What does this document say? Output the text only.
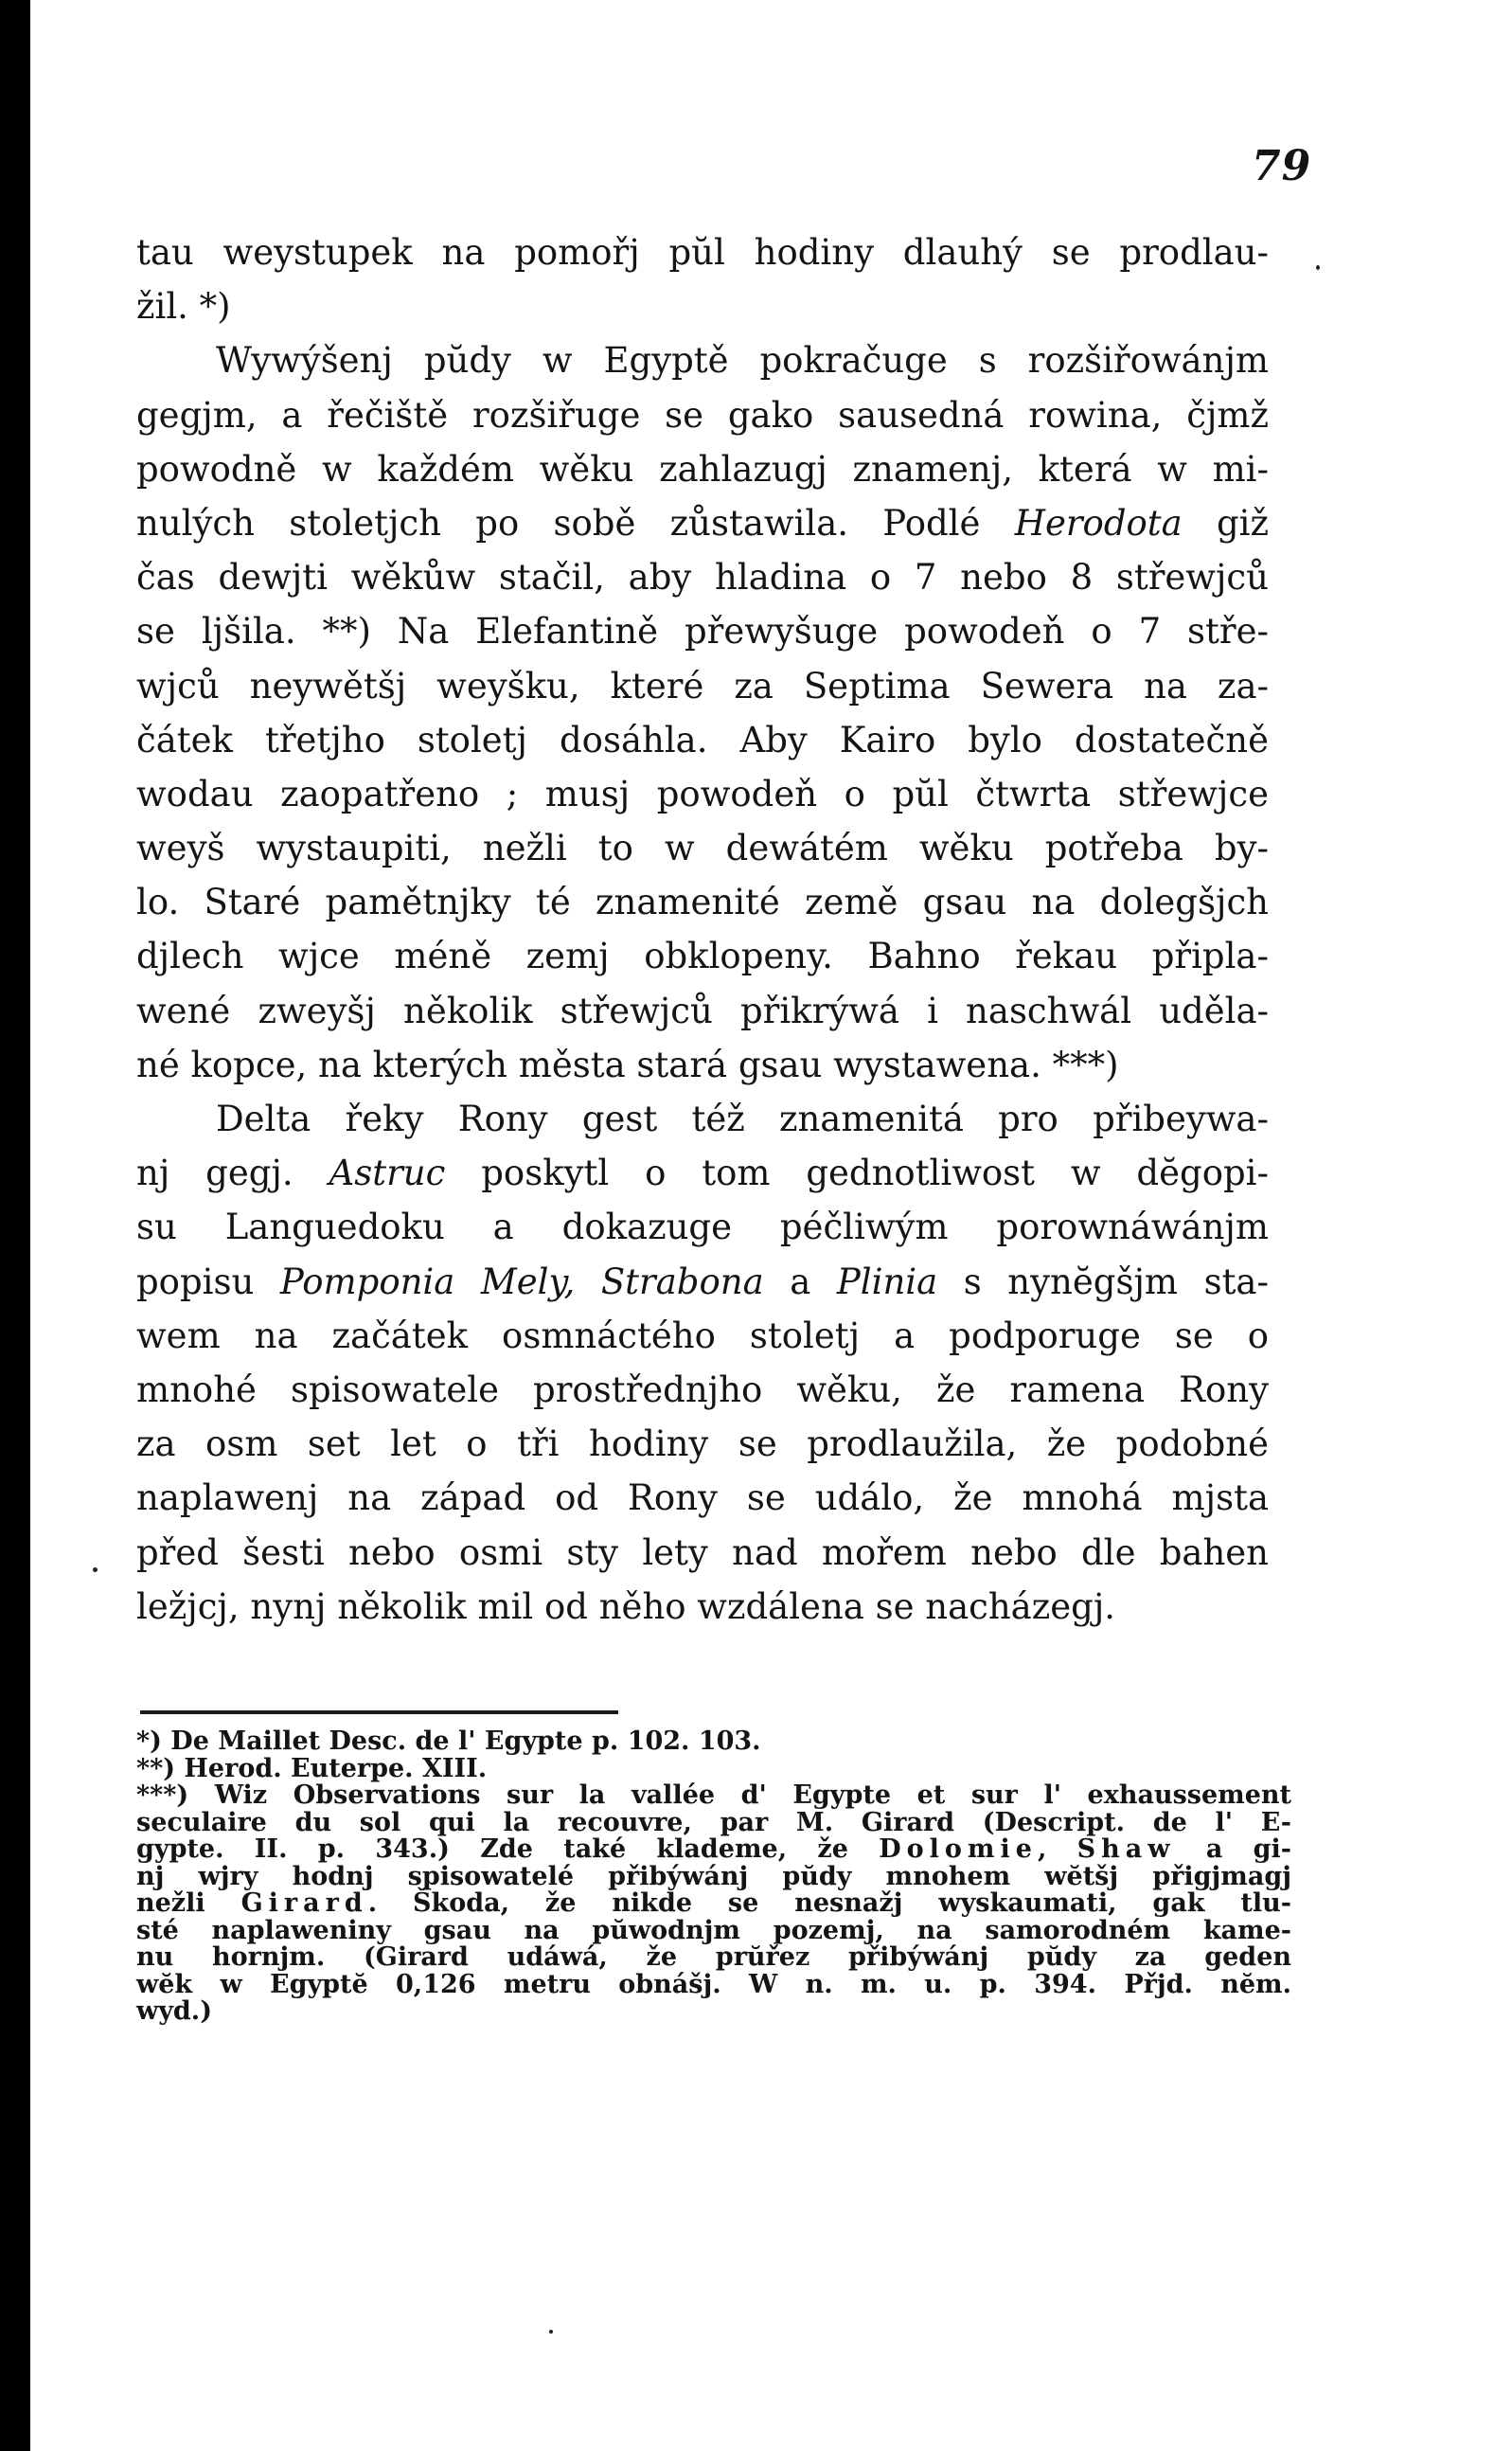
79
tau weystupek na pomořj pŭl hodiny dlauhý se prodlau-
žil. *)
Wywýšenj pŭdy w Egyptě pokračuge s rozšiřowánjm
gegjm, a řečiště rozšiřuge se gako sausedná rowina, čjmž
powodně w každém wěku zahlazugj znamenj, která w mi-
nulých stoletjch po sobě zůstawila. Podlé Herodota giž
čas dewjti wěkůw stačil, aby hladina o 7 nebo 8 střewjců
se ljšila. **) Na Elefantině přewyšuge powodeň o 7 stře-
wjců neywětšj weyšku, které za Septima Sewera na za-
čátek třetjho stoletj dosáhla. Aby Kairo bylo dostatečně
wodau zaopatřeno ; musj powodeň o pŭl čtwrta střewjce
weyš wystaupiti, nežli to w dewátém wěku potřeba by-
lo. Staré pamětnjky té znamenité země gsau na dolegšjch
djlech wjce méně zemj obklopeny. Bahno řekau připla-
wené zweyšj několik střewjců přikrýwá i naschwál uděla-
né kopce, na kterých města stará gsau wystawena. ***)
Delta řeky Rony gest též znamenitá pro přibeywa-
nj gegj. Astruc poskytl o tom gednotliwost w dĕgopi-
su Languedoku a dokazuge péčliwým porownáwánjm
popisu Pomponia Mely, Strabona a Plinia s nynĕgšjm sta-
wem na začátek osmnáctého stoletj a podporuge se o
mnohé spisowatele prostřednjho wěku, že ramena Rony
za osm set let o tři hodiny se prodlaužila, že podobné
naplawenj na západ od Rony se událo, že mnohá mjsta
před šesti nebo osmi sty lety nad mořem nebo dle bahen
ležjcj, nynj několik mil od něho wzdálena se nacházegj.
*) De Maillet Desc. de l' Egypte p. 102. 103.
**) Herod. Euterpe. XIII.
***) Wiz Observations sur la vallée d' Egypte et sur l' exhaussement
seculaire du sol qui la recouvre, par M. Girard (Descript. de l' E-
gypte. II. p. 343.) Zde také klademe, že Dolomie, Shaw a gi-
nj wjry hodnj spisowatelé přibýwánj pŭdy mnohem wĕtšj přigjmagj
nežli Girard. Škoda, že nikde se nesnažj wyskaumati, gak tlu-
sté naplaweniny gsau na pŭwodnjm pozemj, na samorodném kame-
nu hornjm. (Girard udáwá, že prŭřez přibýwánj pŭdy za geden
wĕk w Egyptĕ 0,126 metru obnášj. W n. m. u. p. 394. Přjd. nĕm.
wyd.)
